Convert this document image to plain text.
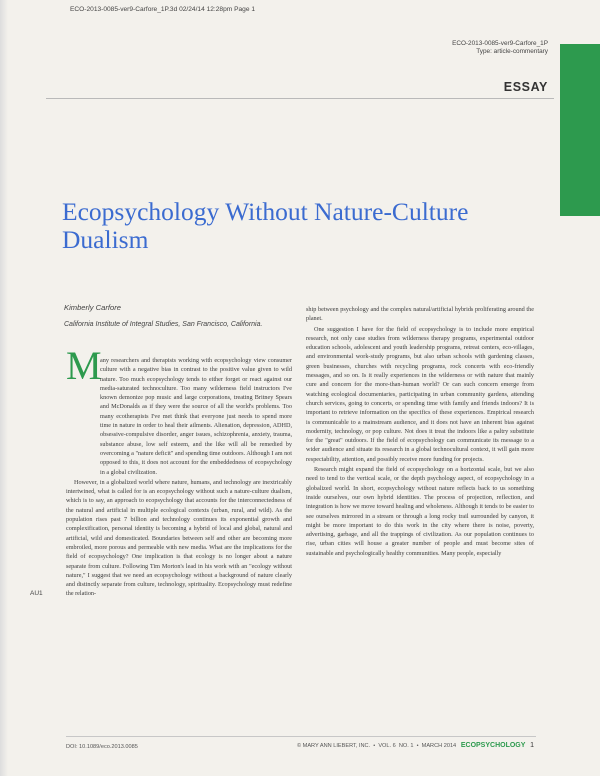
ECO-2013-0085-ver9-Carfore_1P.3d 02/24/14 12:28pm Page 1
ECO-2013-0085-ver9-Carfore_1P
Type: article-commentary
ESSAY
Ecopsychology Without Nature-Culture Dualism
Kimberly Carfore
California Institute of Integral Studies, San Francisco, California.
M

any researchers and therapists working with ecopsychology view consumer culture with a negative bias in contrast to the positive value given to wild nature. Too much ecopsychology tends to either forget or react against our media-saturated technoculture. Too many wilderness field instructors I've known demonize pop music and large corporations, treating Britney Spears and McDonalds as if they were the source of all the world's problems. Too many ecotherapists I've met think that everyone just needs to spend more time in nature in order to heal their ailments. Alienation, depression, ADHD, obsessive-compulsive disorder, anger issues, schizophrenia, anxiety, trauma, substance abuse, low self esteem, and the like will all be remedied by overcoming a "nature deficit" and spending time outdoors. Although I am not opposed to this, it does not account for the embeddedness of ecopsychology in a global civilization.

However, in a globalized world where nature, humans, and technology are inextricably intertwined, what is called for is an ecopsychology without such a nature-culture dualism, which is to say, an approach to ecopsychology that accounts for the interconnectedness of the natural and artificial in multiple ecological contexts (urban, rural, and wild). As the population rises past 7 billion and technology continues its exponential growth and complexification, personal identity is becoming a hybrid of local and global, natural and artificial, wild and domesticated. Boundaries between self and other are becoming more embroiled, more porous and permeable with new media. What are the implications for the field of ecopsychology? One implication is that ecology is no longer about a nature separate from culture. Following Tim Morton's lead in his work with an "ecology without nature," I suggest that we need an ecopsychology without a background of nature clearly and distinctly separate from culture, technology, spirituality. Ecopsychology must redefine the relation-

AU1

ship between psychology and the complex natural/artificial hybrids proliferating around the planet.

One suggestion I have for the field of ecopsychology is to include more empirical research, not only case studies from wilderness therapy programs, experimental outdoor education schools, adolescent and youth leadership programs, retreat centers, eco-villages, and environmental work-study programs, but also urban schools with gardening classes, green businesses, churches with recycling programs, rock concerts with eco-friendly messages, and so on. Is it really experiences in the wilderness or with nature that mainly cure and concern for the more-than-human world? Or can such concern emerge from watching ecological documentaries, participating in urban community gardens, attending church services, going to concerts, or spending time with family and friends indoors? It is important to retrieve information on the specifics of these experiences. Empirical research is communicable to a mainstream audience, and it does not have an inherent bias against modernity, technology, or pop culture. Not does it treat the indoors like a paltry substitute for the "great" outdoors. If the field of ecopsychology can communicate its message to a wider audience and situate its research in a global technocultural context, it will gain more respectability, attention, and possibly receive more funding for projects.

Research might expand the field of ecopsychology on a horizontal scale, but we also need to tend to the vertical scale, or the depth psychology aspect, of ecopsychology in a globalized world. In short, ecopsychology without nature reflects back to us something inside ourselves, our own hybrid identities. The process of projection, reflection, and integration is how we move toward healing and wholeness. Although it tends to be easier to see ourselves mirrored in a stream or through a long rocky trail surrounded by canyon, it might be more important to do this work in the city where there is noise, poverty, advertising, garbage, and all the trappings of civilization. As our population continues to rise, urban cities will house a greater number of people and must become sites of sustainable and psychologically healthy communities. Many people, especially

DOI: 10.1089/eco.2013.0085	© MARY ANN LIEBERT, INC.  •  VOL. 6 NO. 1  •  MARCH 2014 ECOPSYCHOLOGY 1
